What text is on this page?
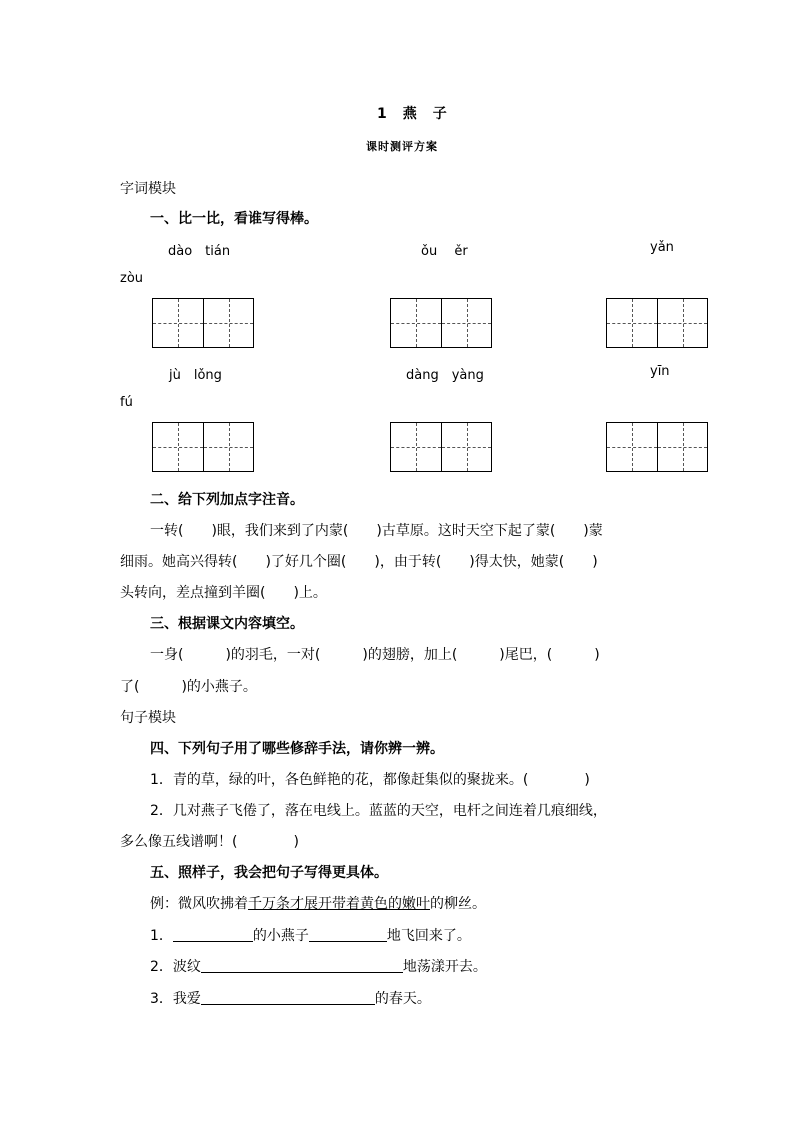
1　燕　子
课时测评方案
字词模块
一、比一比，看谁写得棒。
dào　tián	ǒu　 ěr	yǎn
zòu
jù　lǒng	dàng　yàng	yīn
fú
二、给下列加点字注音。
一转(　　)眼，我们来到了内蒙(　　)古草原。这时天空下起了蒙(　　)蒙
细雨。她高兴得转(　　)了好几个圈(　　)，由于转(　　)得太快，她蒙(　　)
头转向，差点撞到羊圈(　　)上。
三、根据课文内容填空。
一身(　　　)的羽毛，一对(　　　)的翅膀，加上(　　　)尾巴，(　　　)
了(　　　)的小燕子。
句子模块
四、下列句子用了哪些修辞手法，请你辨一辨。
1．青的草，绿的叶，各色鲜艳的花，都像赶集似的聚拢来。(　　　　)
2．几对燕子飞倦了，落在电线上。蓝蓝的天空，电杆之间连着几痕细线，
多么像五线谱啊！(　　　　)
五、照样子，我会把句子写得更具体。
例：微风吹拂着千万条才展开带着黄色的嫩叶的柳丝。
1．	的小燕子	地飞回来了。
2．波纹	地荡漾开去。
3．我爱	的春天。
